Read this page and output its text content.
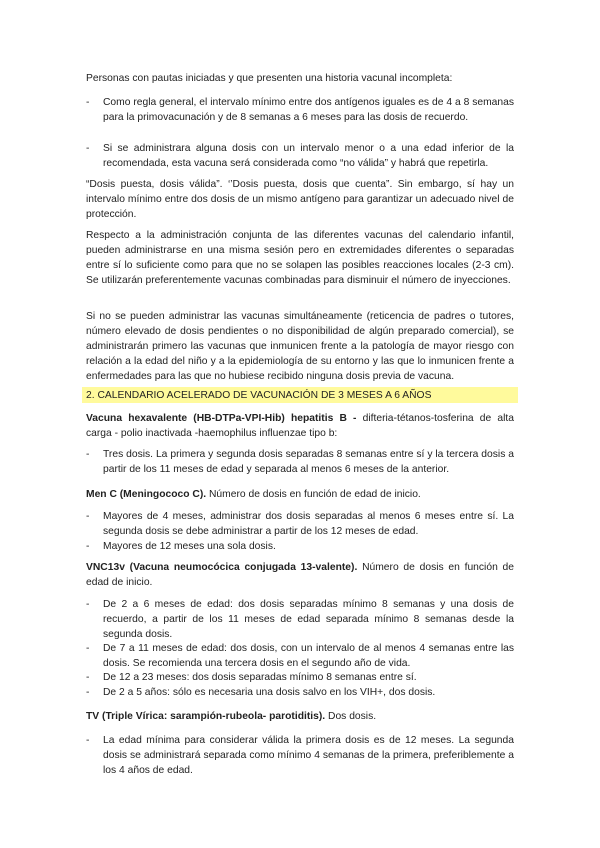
Personas con pautas iniciadas y que presenten una historia vacunal incompleta:

-	Como regla general, el intervalo mínimo entre dos antígenos iguales es de 4 a 8 semanas para la primovacunación y de 8 semanas a 6 meses para las dosis de recuerdo.
-	Si se administrara alguna dosis con un intervalo menor o a una edad inferior de la recomendada, esta vacuna será considerada como “no válida” y habrá que repetirla.

“Dosis puesta, dosis válida”. ‘’Dosis puesta, dosis que cuenta”. Sin embargo, sí hay un intervalo mínimo entre dos dosis de un mismo antígeno para garantizar un adecuado nivel de protección.

Respecto a la administración conjunta de las diferentes vacunas del calendario infantil, pueden administrarse en una misma sesión pero en extremidades diferentes o separadas entre sí lo suficiente como para que no se solapen las posibles reacciones locales (2-3 cm). Se utilizarán preferentemente vacunas combinadas para disminuir el número de inyecciones.

Si no se pueden administrar las vacunas simultáneamente (reticencia de padres o tutores, número elevado de dosis pendientes o no disponibilidad de algún preparado comercial), se administrarán primero las vacunas que inmunicen frente a la patología de mayor riesgo con relación a la edad del niño y a la epidemiología de su entorno y las que lo inmunicen frente a enfermedades para las que no hubiese recibido ninguna dosis previa de vacuna.

2. CALENDARIO ACELERADO DE VACUNACIÓN DE 3 MESES A 6 AÑOS

Vacuna hexavalente (HB-DTPa-VPI-Hib) hepatitis B - difteria-tétanos-tosferina de alta carga - polio inactivada -haemophilus influenzae tipo b:

-	Tres dosis. La primera y segunda dosis separadas 8 semanas entre sí y la tercera dosis a partir de los 11 meses de edad y separada al menos 6 meses de la anterior.

Men C (Meningococo C). Número de dosis en función de edad de inicio.

-	Mayores de 4 meses, administrar dos dosis separadas al menos 6 meses entre sí. La segunda dosis se debe administrar a partir de los 12 meses de edad.
-	Mayores de 12 meses una sola dosis.

VNC13v (Vacuna neumocócica conjugada 13-valente). Número de dosis en función de edad de inicio.

-	De 2 a 6 meses de edad: dos dosis separadas mínimo 8 semanas y una dosis de recuerdo, a partir de los 11 meses de edad separada mínimo 8 semanas desde la segunda dosis.
-	De 7 a 11 meses de edad: dos dosis, con un intervalo de al menos 4 semanas entre las dosis. Se recomienda una tercera dosis en el segundo año de vida.
-	De 12 a 23 meses: dos dosis separadas mínimo 8 semanas entre sí.
-	De 2 a 5 años: sólo es necesaria una dosis salvo en los VIH+, dos dosis.

TV (Triple Vírica: sarampión-rubeola- parotiditis). Dos dosis.

-	La edad mínima para considerar válida la primera dosis es de 12 meses. La segunda dosis se administrará separada como mínimo 4 semanas de la primera, preferiblemente a los 4 años de edad.
